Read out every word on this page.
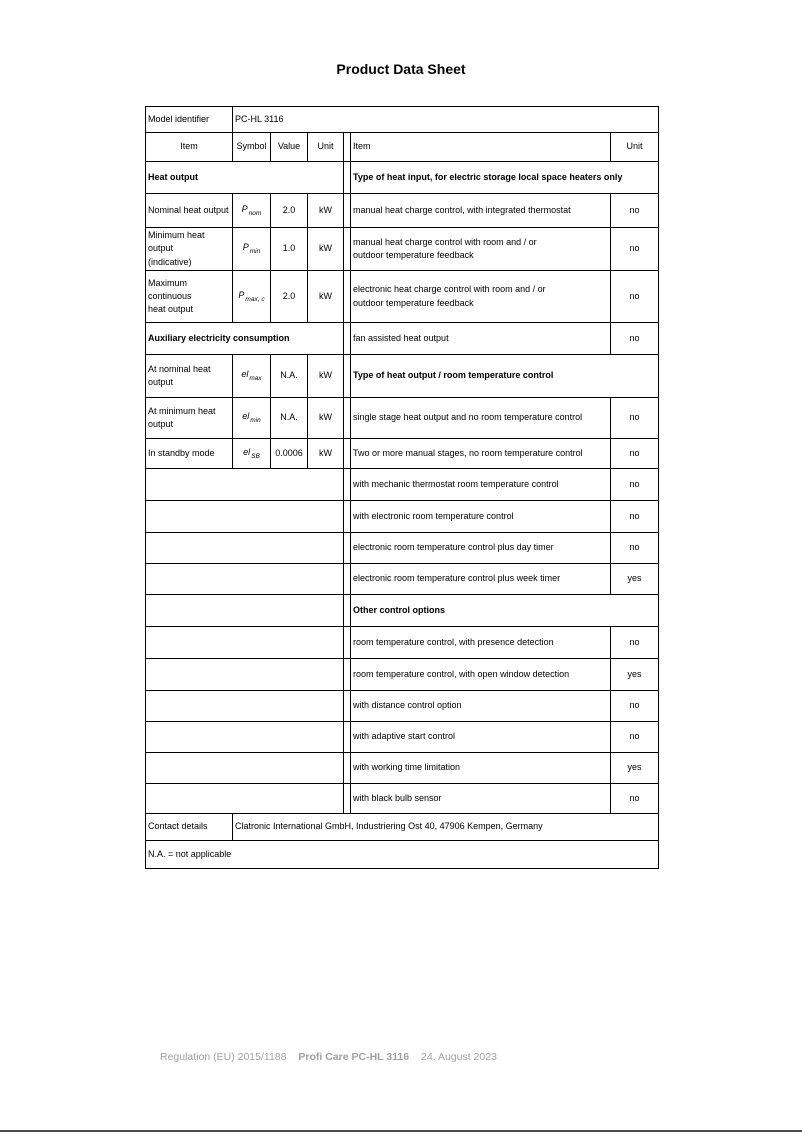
Product Data Sheet
Model identifier	PC-HL 3116					
Item	Symbol	Value	Unit		Item	Unit
Heat output					Type of heat input, for electric storage local space heaters only	
Nominal heat output	$P_{nom}$	2.0	kW		manual heat charge control, with integrated thermostat	no

Minimum heat output
(indicative)	$P_{min}$	1.0	kW		manual heat charge control with room and / or
outdoor temperature feedback	no

Maximum
continuous
heat output	$P_{max, c}$	2.0	kW		electronic heat charge control with room and / or
outdoor temperature feedback	no
Auxiliary electricity consumption					fan assisted heat output	no

At nominal heat
output	$el_{max}$	N.A.	kW		Type of heat output / room temperature control	

At minimum heat
output	$el_{min}$	N.A.	kW		single stage heat output and no room temperature control	no
In standby mode	$el_{SB}$	0.0006	kW		Two or more manual stages, no room temperature control	no
					with mechanic thermostat room temperature control	no
					with electronic room temperature control	no
					electronic room temperature control plus day timer	no
					electronic room temperature control plus week timer	yes
					Other control options	
					room temperature control, with presence detection	no
					room temperature control, with open window detection	yes
					with distance control option	no
					with adaptive start control	no
					with working time limitation	yes
					with black bulb sensor	no
Contact details	Clatronic International GmbH, Industriering Ost 40, 47906 Kempen, Germany					
N.A. = not applicable						
Regulation (EU) 2015/1188 Profi Care PC-HL 3116 24. August 2023
